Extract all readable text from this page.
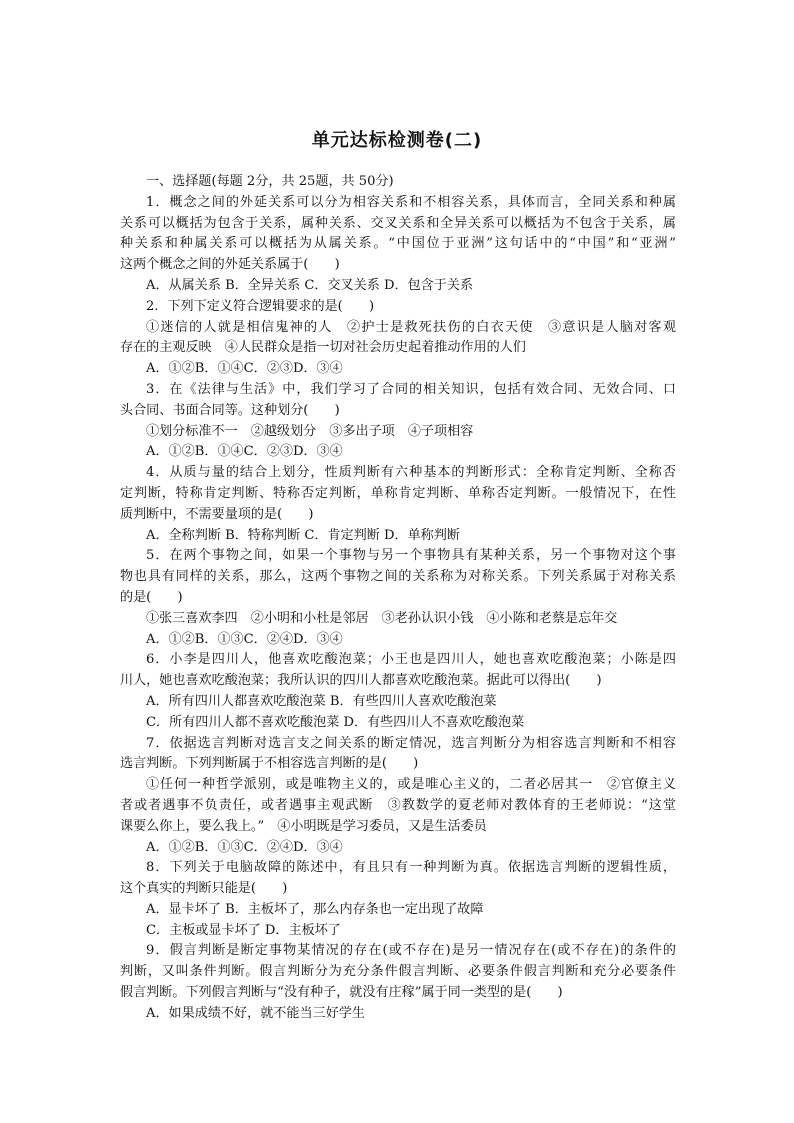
单元达标检测卷(二)
一、选择题(每题 2分，共 25题，共 50分)
1．概念之间的外延关系可以分为相容关系和不相容关系，具体而言，全同关系和种属
关系可以概括为包含于关系，属种关系、交叉关系和全异关系可以概括为不包含于关系，属
种关系和种属关系可以概括为从属关系。“中国位于亚洲”这句话中的“中国”和“亚洲”
这两个概念之间的外延关系属于(　　)
A．从属关系 B．全异关系 C．交叉关系 D．包含于关系
2．下列下定义符合逻辑要求的是(　　)
①迷信的人就是相信鬼神的人　②护士是救死扶伤的白衣天使　③意识是人脑对客观
存在的主观反映　④人民群众是指一切对社会历史起着推动作用的人们
A．①②B．①④C．②③D．③④
3．在《法律与生活》中，我们学习了合同的相关知识，包括有效合同、无效合同、口
头合同、书面合同等。这种划分(　　)
①划分标准不一　②越级划分　③多出子项　④子项相容
A．①②B．①④C．②③D．③④
4．从质与量的结合上划分，性质判断有六种基本的判断形式：全称肯定判断、全称否
定判断，特称肯定判断、特称否定判断，单称肯定判断、单称否定判断。一般情况下，在性
质判断中，不需要量项的是(　　)
A．全称判断 B．特称判断 C．肯定判断 D．单称判断
5．在两个事物之间，如果一个事物与另一个事物具有某种关系，另一个事物对这个事
物也具有同样的关系，那么，这两个事物之间的关系称为对称关系。下列关系属于对称关系
的是(　　)
①张三喜欢李四　②小明和小杜是邻居　③老孙认识小钱　④小陈和老蔡是忘年交
A．①②B．①③C．②④D．③④
6．小李是四川人，他喜欢吃酸泡菜；小王也是四川人，她也喜欢吃酸泡菜；小陈是四
川人，她也喜欢吃酸泡菜；我所认识的四川人都喜欢吃酸泡菜。据此可以得出(　　)
A．所有四川人都喜欢吃酸泡菜 B．有些四川人喜欢吃酸泡菜
C．所有四川人都不喜欢吃酸泡菜 D．有些四川人不喜欢吃酸泡菜
7．依据选言判断对选言支之间关系的断定情况，选言判断分为相容选言判断和不相容
选言判断。下列判断属于不相容选言判断的是(　　)
①任何一种哲学派别，或是唯物主义的，或是唯心主义的，二者必居其一　②官僚主义
者或者遇事不负责任，或者遇事主观武断　③教数学的夏老师对教体育的王老师说：“这堂
课要么你上，要么我上。”　④小明既是学习委员，又是生活委员
A．①②B．①③C．②④D．③④
8．下列关于电脑故障的陈述中，有且只有一种判断为真。依据选言判断的逻辑性质，
这个真实的判断只能是(　　)
A．显卡坏了 B．主板坏了，那么内存条也一定出现了故障
C．主板或显卡坏了 D．主板坏了
9．假言判断是断定事物某情况的存在(或不存在)是另一情况存在(或不存在)的条件的
判断，又叫条件判断。假言判断分为充分条件假言判断、必要条件假言判断和充分必要条件
假言判断。下列假言判断与“没有种子，就没有庄稼”属于同一类型的是(　　)
A．如果成绩不好，就不能当三好学生
